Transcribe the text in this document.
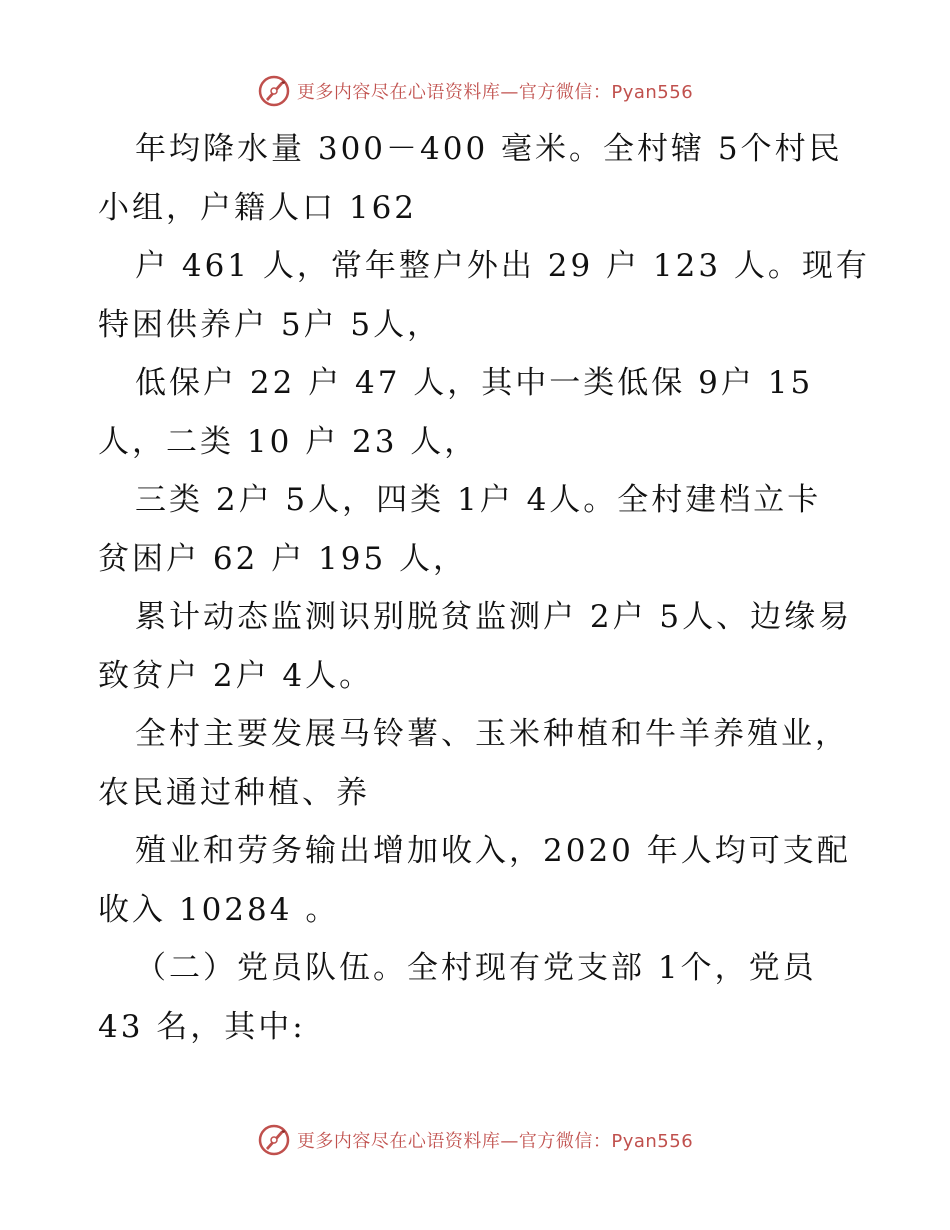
更多内容尽在心语资料库—官方微信：Pyan556
年均降水量 300－400 毫米。全村辖 5个村民
小组，户籍人口 162
户 461 人，常年整户外出 29 户 123 人。现有
特困供养户 5户 5人，
低保户 22 户 47 人，其中一类低保 9户 15
人，二类 10 户 23 人，
三类 2户 5人，四类 1户 4人。全村建档立卡
贫困户 62 户 195 人，
累计动态监测识别脱贫监测户 2户 5人、边缘易
致贫户 2户 4人。
全村主要发展马铃薯、玉米种植和牛羊养殖业，
农民通过种植、养
殖业和劳务输出增加收入，2020 年人均可支配
收入 10284 。
（二）党员队伍。全村现有党支部 1个，党员
43 名，其中:
更多内容尽在心语资料库—官方微信：Pyan556
